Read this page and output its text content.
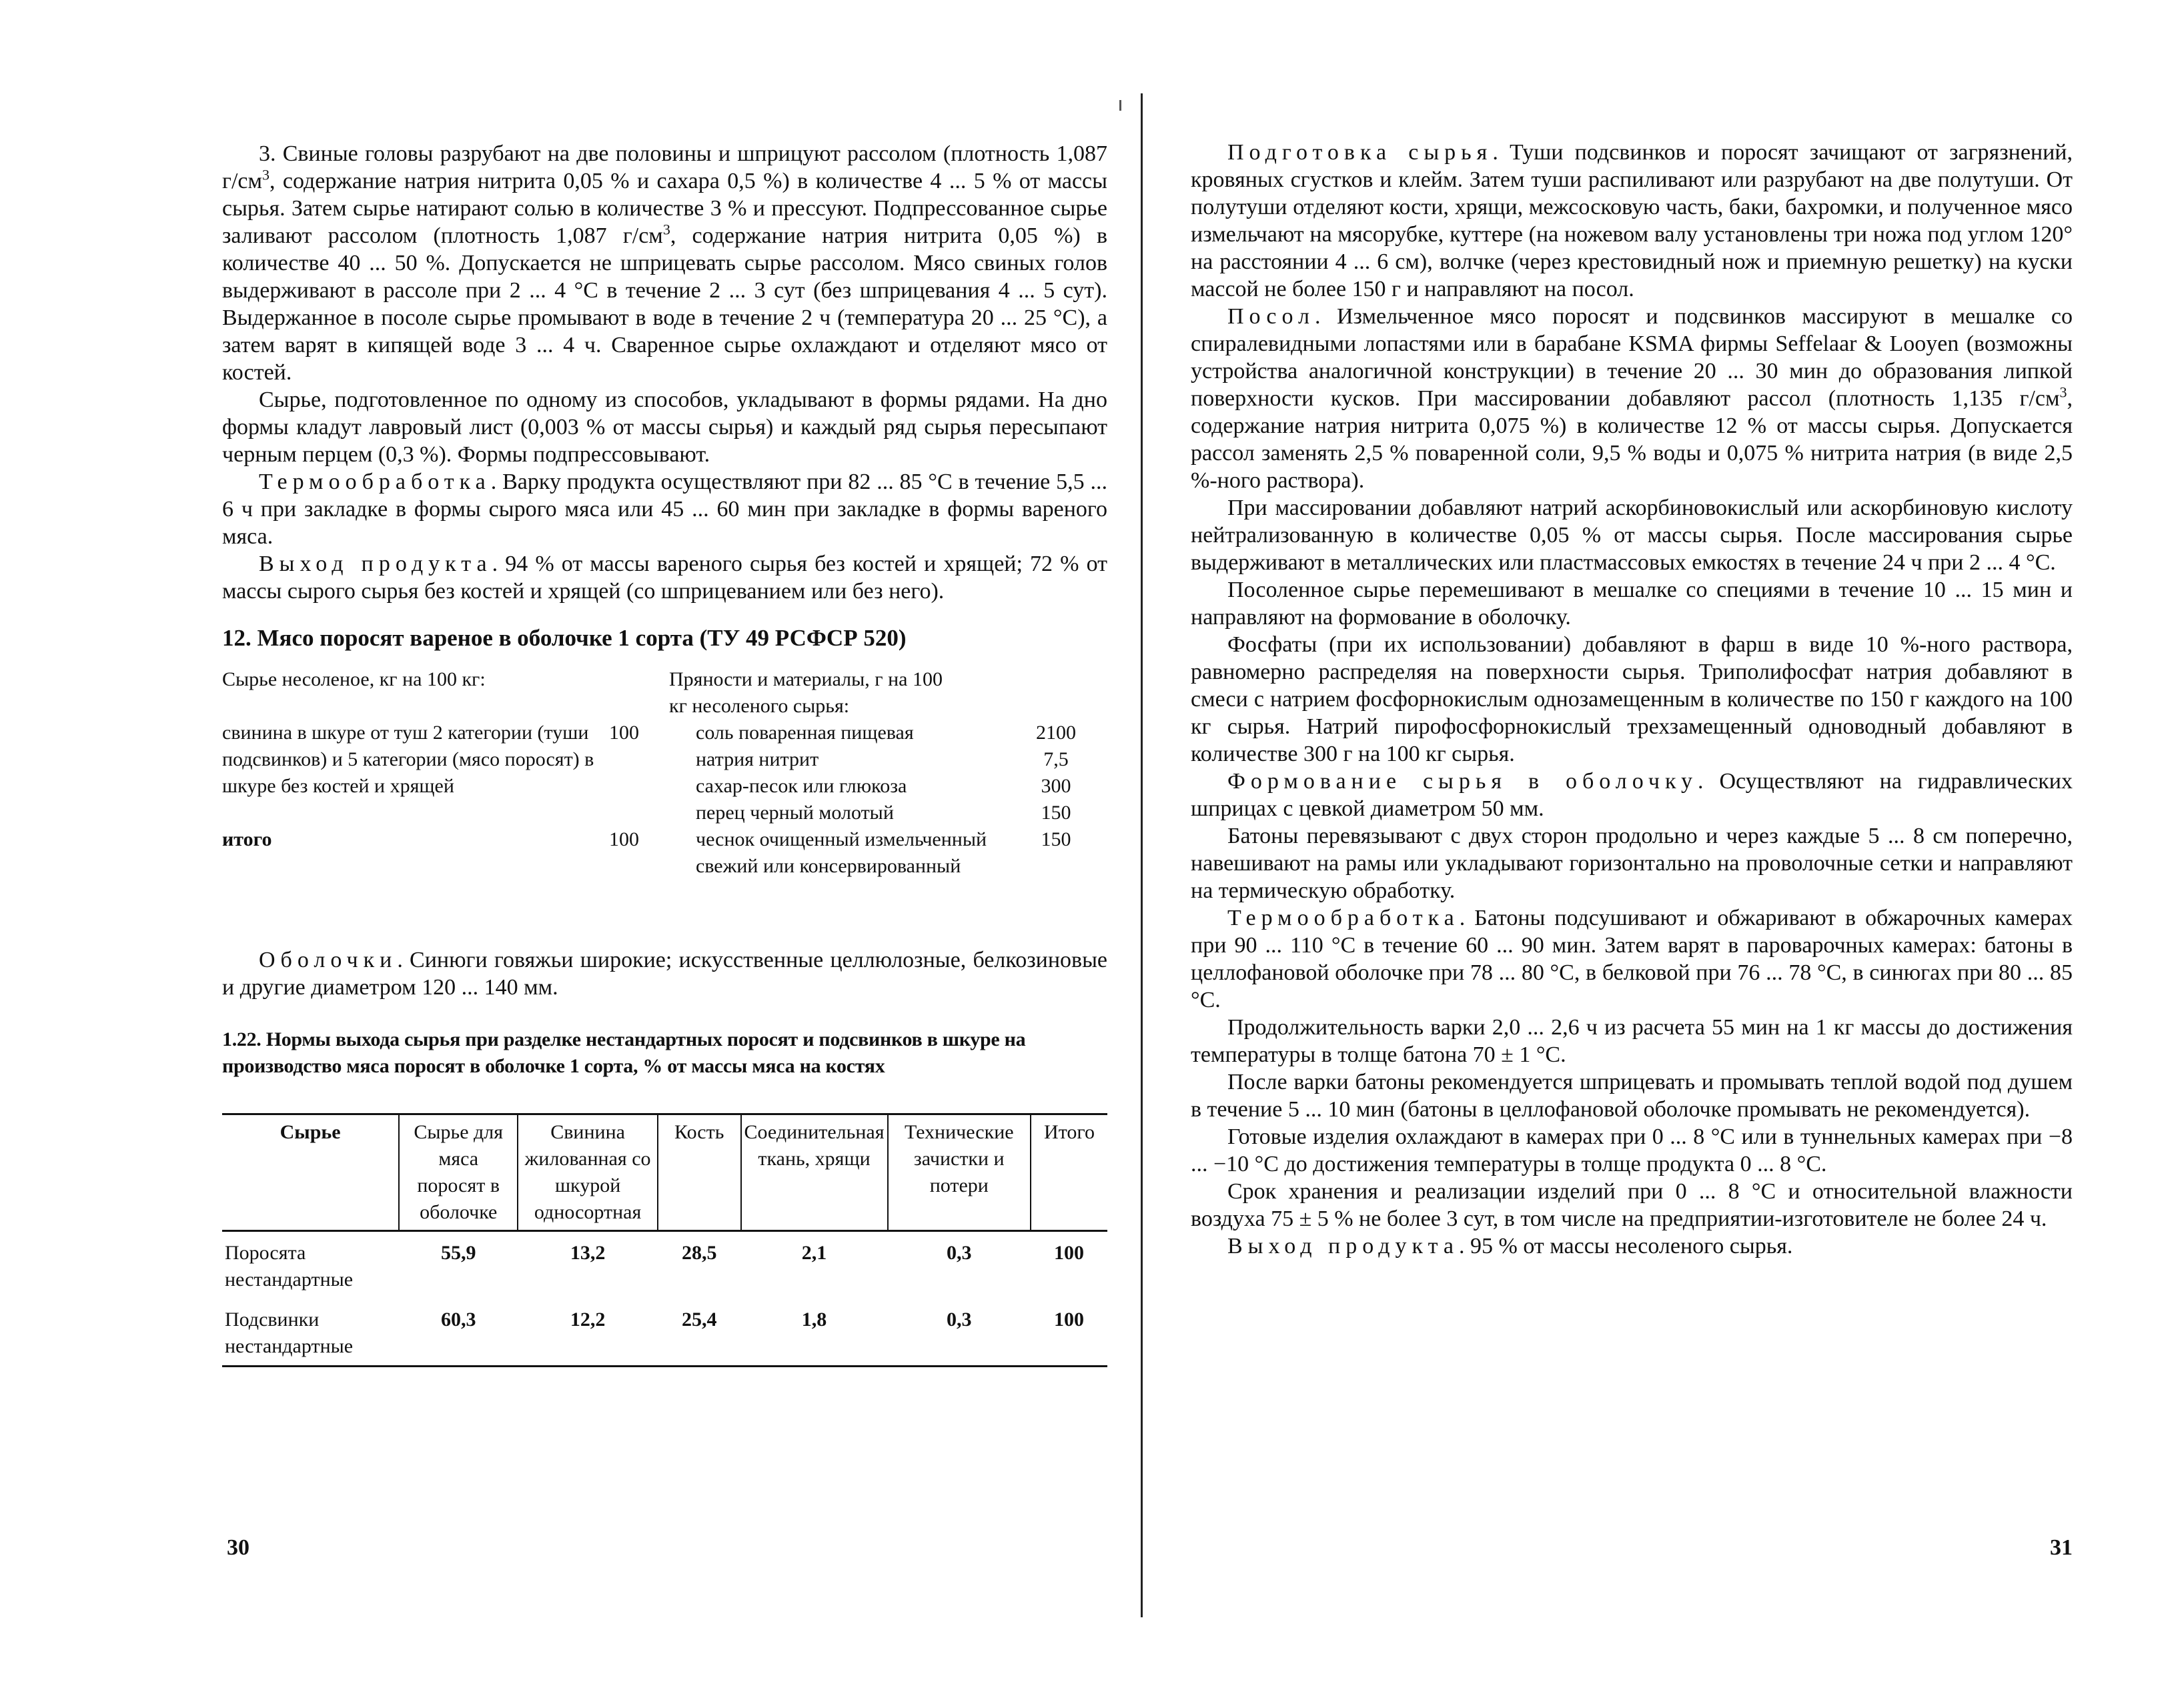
3. Свиные головы разрубают на две половины и шприцуют рассолом (плотность 1,087 $г/см^3$, содержание натрия нитрита 0,05 % и сахара 0,5 %) в количестве 4 ... 5 % от массы сырья. Затем сырье натирают солью в количестве 3 % и прессуют. Подпрессованное сырье заливают рассолом (плотность 1,087 $г/см^3$, содержание натрия нитрита 0,05 %) в количестве 40 ... 50 %. Допускается не шприцевать сырье рассолом. Мясо свиных голов выдерживают в рассоле при 2 ... 4 °С в течение 2 ... 3 сут (без шприцевания 4 ... 5 сут). Выдержанное в посоле сырье промывают в воде в течение 2 ч (температура 20 ... 25 °С), а затем варят в кипящей воде 3 ... 4 ч. Сваренное сырье охлаждают и отделяют мясо от костей.

Сырье, подготовленное по одному из способов, укладывают в формы рядами. На дно формы кладут лавровый лист (0,003 % от массы сырья) и каждый ряд сырья пересыпают черным перцем (0,3 %). Формы подпрессовывают.

Термообработка. Варку продукта осуществляют при 82 ... 85 °С в течение 5,5 ... 6 ч при закладке в формы сырого мяса или 45 ... 60 мин при закладке в формы вареного мяса.

Выход продукта. 94 % от массы вареного сырья без костей и хрящей; 72 % от массы сырого сырья без костей и хрящей (со шприцеванием или без него).

12. Мясо поросят вареное в оболочке 1 сорта (ТУ 49 РСФСР 520)
Сырье несоленое, кг на 100 кг:
свинина в шкуре от туш 2 категории (туши подсвинков) и 5 категории (мясо поросят) в шкуре без костей и хрящей
100
итого	100
Пряности и материалы, г на 100 кг несоленого сырья:
соль поваренная пищевая	2100
натрия нитрит	7,5
сахар-песок или глюкоза	300
перец черный молотый	150
чеснок очищенный измельченный свежий или консервированный
150

Оболочки. Синюги говяжьи широкие; искусственные целлюлозные, белкозиновые и другие диаметром 120 ... 140 мм.

1.22. Нормы выхода сырья при разделке нестандартных поросят и подсвинков в шкуре на производство мяса поросят в оболочке 1 сорта, % от массы мяса на костях
Сырье	Сырье для мяса поросят в оболочке	Свинина жилованная со шкурой односортная	Кость	Соединительная ткань, хрящи	Технические зачистки и потери	Итого
Поросята нестандартные	55,9	13,2	28,5	2,1	0,3	100
Подсвинки нестандартные	60,3	12,2	25,4	1,8	0,3	100
30	31

Подготовка сырья. Туши подсвинков и поросят зачищают от загрязнений, кровяных сгустков и клейм. Затем туши распиливают или разрубают на две полутуши. От полутуши отделяют кости, хрящи, межсосковую часть, баки, бахромки, и полученное мясо измельчают на мясорубке, куттере (на ножевом валу установлены три ножа под углом 120° на расстоянии 4 ... 6 см), волчке (через крестовидный нож и приемную решетку) на куски массой не более 150 г и направляют на посол.

Посол. Измельченное мясо поросят и подсвинков массируют в мешалке со спиралевидными лопастями или в барабане KSMA фирмы Seffelaar & Looyen (возможны устройства аналогичной конструкции) в течение 20 ... 30 мин до образования липкой поверхности кусков. При массировании добавляют рассол (плотность 1,135 $г/см^3$, содержание натрия нитрита 0,075 %) в количестве 12 % от массы сырья. Допускается рассол заменять 2,5 % поваренной соли, 9,5 % воды и 0,075 % нитрита натрия (в виде 2,5 %-ного раствора).

При массировании добавляют натрий аскорбиновокислый или аскорбиновую кислоту нейтрализованную в количестве 0,05 % от массы сырья. После массирования сырье выдерживают в металлических или пластмассовых емкостях в течение 24 ч при 2 ... 4 °С.

Посоленное сырье перемешивают в мешалке со специями в течение 10 ... 15 мин и направляют на формование в оболочку.

Фосфаты (при их использовании) добавляют в фарш в виде 10 %-ного раствора, равномерно распределяя на поверхности сырья. Триполифосфат натрия добавляют в смеси с натрием фосфорнокислым однозамещенным в количестве по 150 г каждого на 100 кг сырья. Натрий пирофосфорнокислый трехзамещенный одноводный добавляют в количестве 300 г на 100 кг сырья.

Формование сырья в оболочку. Осуществляют на гидравлических шприцах с цевкой диаметром 50 мм.

Батоны перевязывают с двух сторон продольно и через каждые 5 ... 8 см поперечно, навешивают на рамы или укладывают горизонтально на проволочные сетки и направляют на термическую обработку.

Термообработка. Батоны подсушивают и обжаривают в обжарочных камерах при 90 ... 110 °С в течение 60 ... 90 мин. Затем варят в пароварочных камерах: батоны в целлофановой оболочке при 78 ... 80 °С, в белковой при 76 ... 78 °С, в синюгах при 80 ... 85 °С.

Продолжительность варки 2,0 ... 2,6 ч из расчета 55 мин на 1 кг массы до достижения температуры в толще батона 70 ± 1 °С.

После варки батоны рекомендуется шприцевать и промывать теплой водой под душем в течение 5 ... 10 мин (батоны в целлофановой оболочке промывать не рекомендуется).

Готовые изделия охлаждают в камерах при 0 ... 8 °С или в туннельных камерах при −8 ... −10 °С до достижения температуры в толще продукта 0 ... 8 °С.

Срок хранения и реализации изделий при 0 ... 8 °С и относительной влажности воздуха 75 ± 5 % не более 3 сут, в том числе на предприятии-изготовителе не более 24 ч.

Выход продукта. 95 % от массы несоленого сырья.
